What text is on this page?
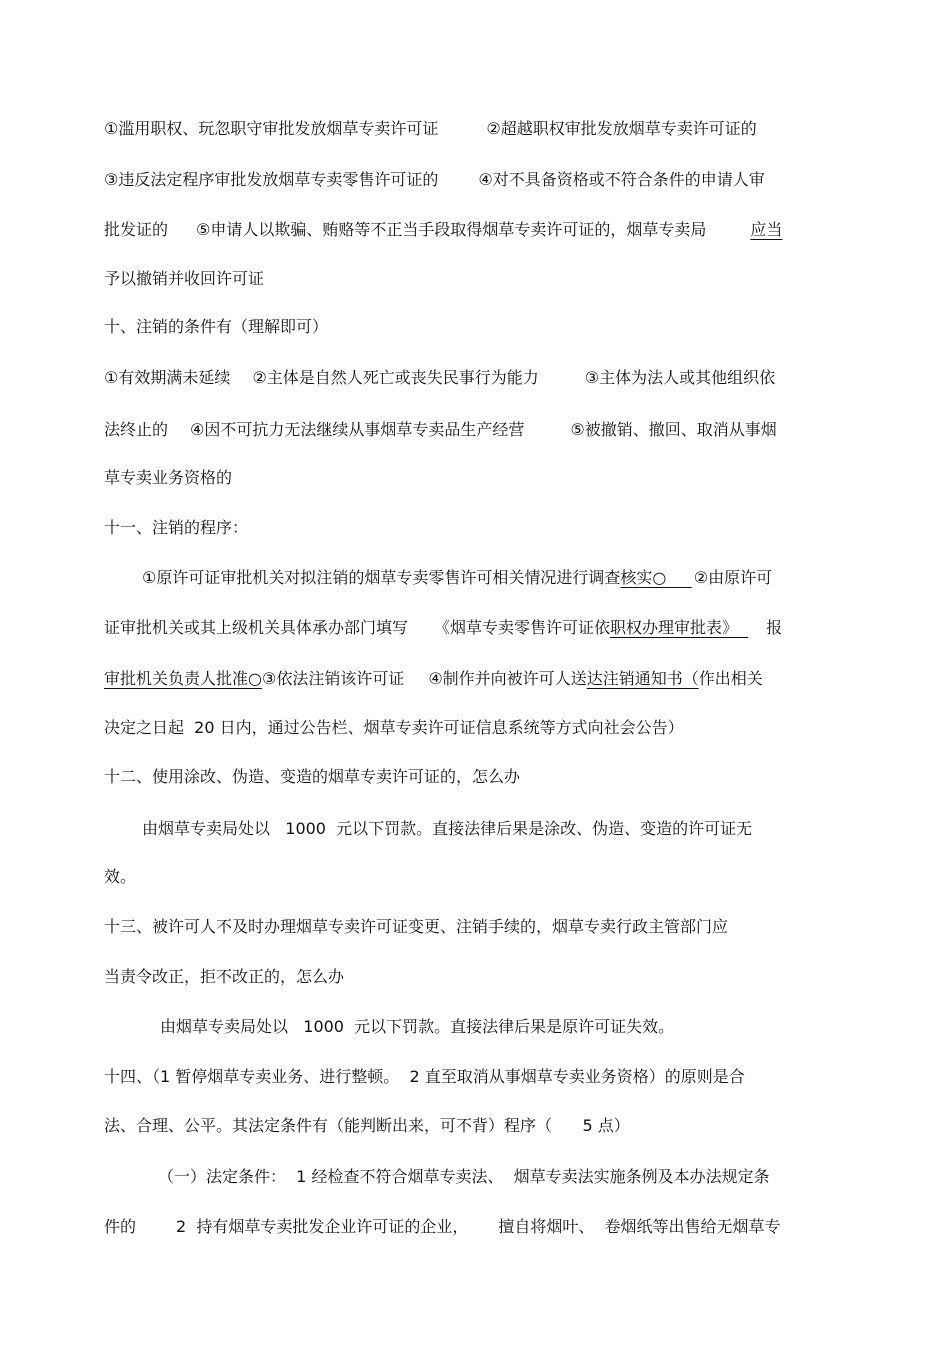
①滥用职权、玩忽职守审批发放烟草专卖许可证	②超越职权审批发放烟草专卖许可证的
③违反法定程序审批发放烟草专卖零售许可证的	④对不具备资格或不符合条件的申请人审
批发证的 ⑤申请人以欺骗、贿赂等不正当手段取得烟草专卖许可证的，烟草专卖局	应当
予以撤销并收回许可证
十、注销的条件有（理解即可）
①有效期满未延续 ②主体是自然人死亡或丧失民事行为能力	③主体为法人或其他组织依
法终止的 ④因不可抗力无法继续从事烟草专卖品生产经营	⑤被撤销、撤回、取消从事烟
草专卖业务资格的
十一、注销的程序：
①原许可证审批机关对拟注销的烟草专卖零售许可相关情况进行调查核实○     ②由原许可
证审批机关或其上级机关具体承办部门填写 《烟草专卖零售许可证依职权办理审批表》  报
审批机关负责人批准○③依法注销该许可证 ④制作并向被许可人送达注销通知书（作出相关
决定之日起  20 日内，通过公告栏、烟草专卖许可证信息系统等方式向社会公告）
十二、使用涂改、伪造、变造的烟草专卖许可证的，怎么办
由烟草专卖局处以   1000  元以下罚款。直接法律后果是涂改、伪造、变造的许可证无
效。
十三、被许可人不及时办理烟草专卖许可证变更、注销手续的，烟草专卖行政主管部门应
当责令改正，拒不改正的，怎么办
由烟草专卖局处以   1000  元以下罚款。直接法律后果是原许可证失效。
十四、（1 暂停烟草专卖业务、进行整顿。  2 直至取消从事烟草专卖业务资格）的原则是合
法、合理、公平。其法定条件有（能判断出来，可不背）程序（      5 点）
（一）法定条件：  1 经检查不符合烟草专卖法、  烟草专卖法实施条例及本办法规定条
件的	2  持有烟草专卖批发企业许可证的企业， 擅自将烟叶、  卷烟纸等出售给无烟草专
